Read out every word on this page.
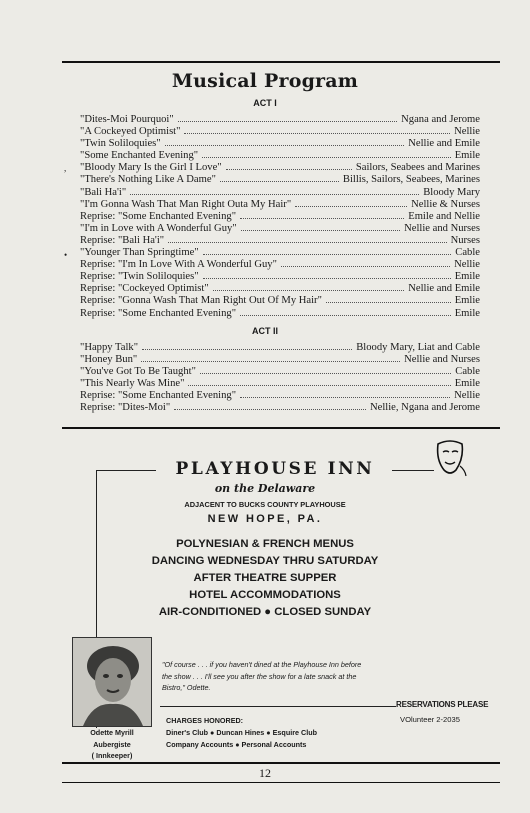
Musical Program
ACT I
"Dites-Moi Pourquoi"	Ngana and Jerome
"A Cockeyed Optimist"	Nellie
"Twin Soliloquies"	Nellie and Emile
"Some Enchanted Evening"	Emile
"Bloody Mary Is the Girl I Love"	Sailors, Seabees and Marines
"There's Nothing Like A Dame"	Billis, Sailors, Seabees, Marines
"Bali Ha'i"	Bloody Mary
"I'm Gonna Wash That Man Right Outa My Hair"	Nellie & Nurses
Reprise: "Some Enchanted Evening"	Emile and Nellie
"I'm in Love with A Wonderful Guy"	Nellie and Nurses
Reprise: "Bali Ha'i"	Nurses
"Younger Than Springtime"	Cable
Reprise: "I'm In Love With A Wonderful Guy"	Nellie
Reprise: "Twin Soliloquies"	Emile
Reprise: "Cockeyed Optimist"	Nellie and Emile
Reprise: "Gonna Wash That Man Right Out Of My Hair"	Emlie
Reprise: "Some Enchanted Evening"	Emile
,
•
ACT II
"Happy Talk"	Bloody Mary, Liat and Cable
"Honey Bun"	Nellie and Nurses
"You've Got To Be Taught"	Cable
"This Nearly Was Mine"	Emile
Reprise: "Some Enchanted Evening"	Nellie
Reprise: "Dites-Moi"	Nellie, Ngana and Jerome
PLAYHOUSE INN
on the Delaware
ADJACENT TO BUCKS COUNTY PLAYHOUSE
NEW HOPE, PA.
POLYNESIAN & FRENCH MENUS
DANCING WEDNESDAY THRU SATURDAY
AFTER THEATRE SUPPER
HOTEL ACCOMMODATIONS
AIR-CONDITIONED ● CLOSED SUNDAY
Odette Myrill
Aubergiste
( Innkeeper)
"Of course . . . if you haven't dined at the Playhouse Inn before the show . . . I'll see you after the show for a late snack at the Bistro," Odette.
RESERVATIONS PLEASE
VOlunteer 2-2035
CHARGES HONORED:
Diner's Club ● Duncan Hines ● Esquire Club
Company Accounts ● Personal Accounts
12
